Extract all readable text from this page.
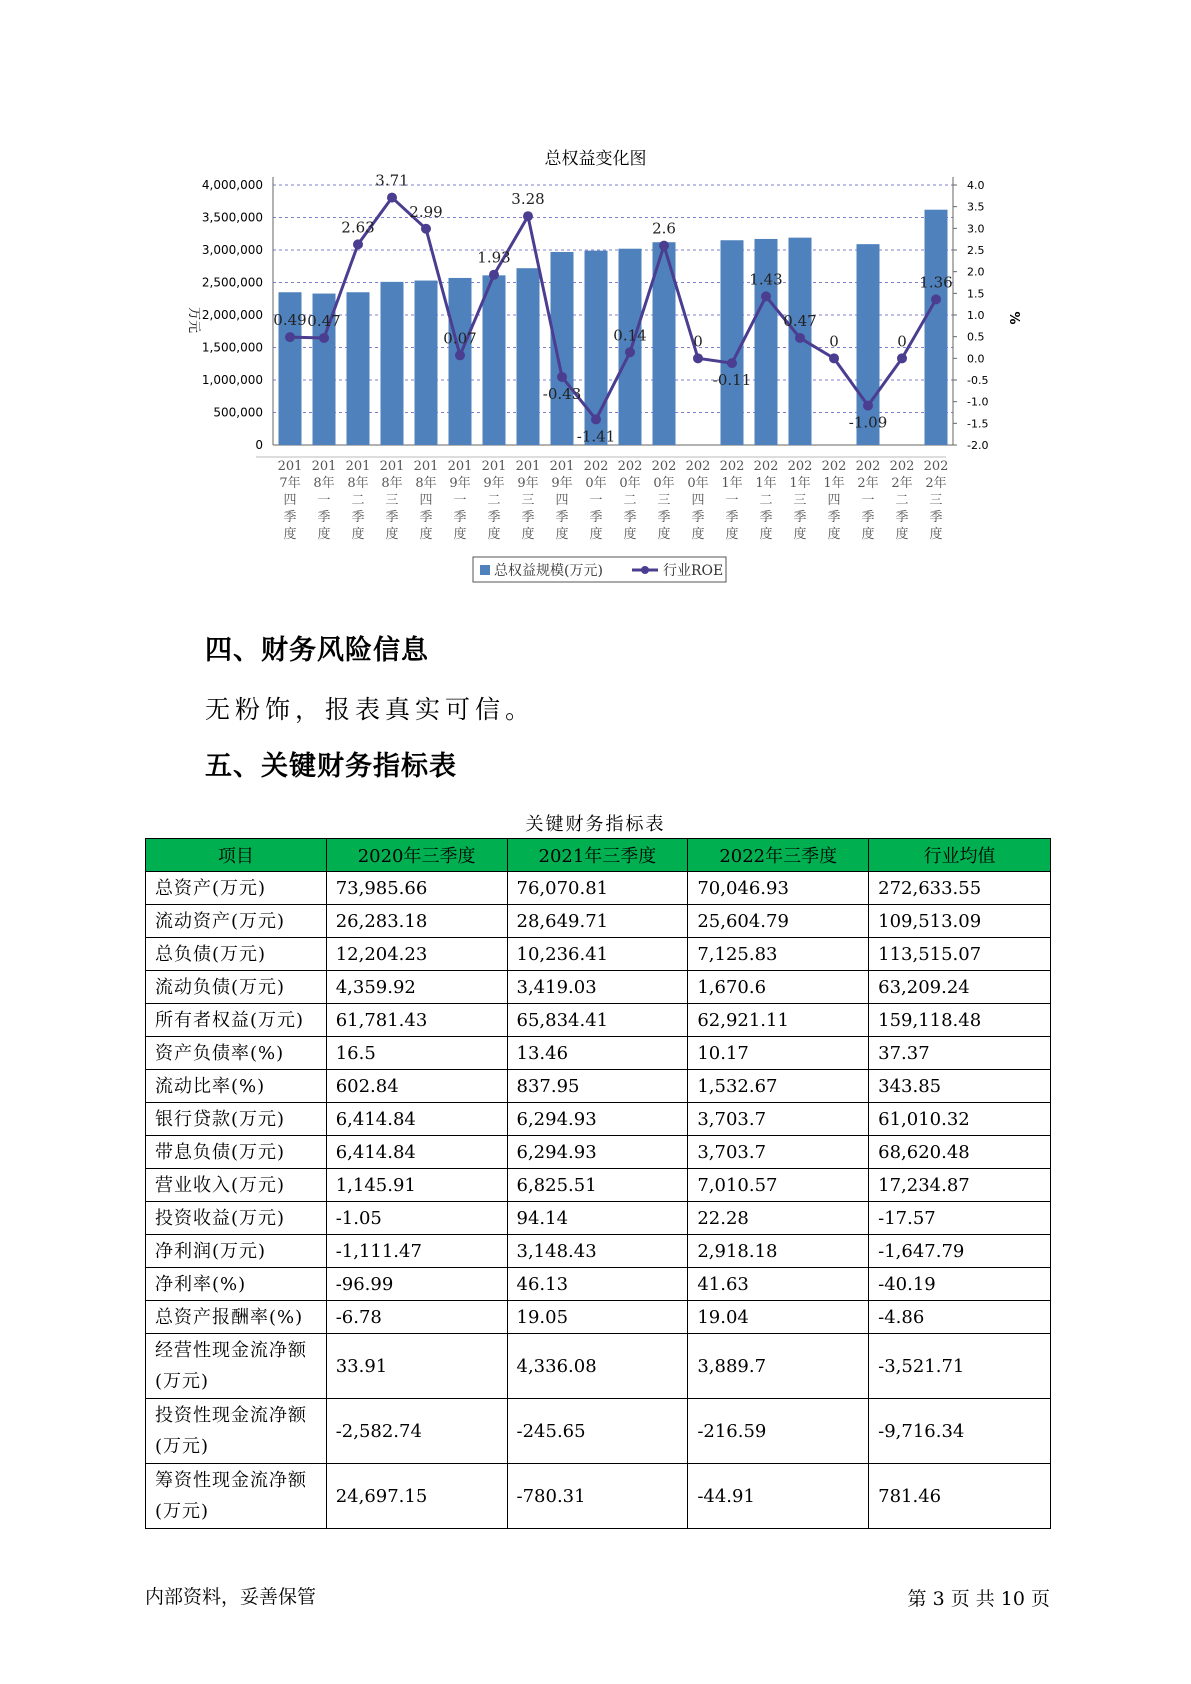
总权益变化图
0
500,000
1,000,000
1,500,000
2,000,000
2,500,000
3,000,000
3,500,000
4,000,000
-2.0
-1.5
-1.0
-0.5
0.0
0.5
1.0
1.5
2.0
2.5
3.0
3.5
4.0
万元	%
201
7年
四
季
度
201
8年
一
季
度
201
8年
二
季
度
201
8年
三
季
度
201
8年
四
季
度
201
9年
一
季
度
201
9年
二
季
度
201
9年
三
季
度
201
9年
四
季
度
202
0年
一
季
度
202
0年
二
季
度
202
0年
三
季
度
202
0年
四
季
度
202
1年
一
季
度
202
1年
二
季
度
202
1年
三
季
度
202
1年
四
季
度
202
2年
一
季
度
202
2年
二
季
度
202
2年
三
季
度
0.49 0.47
2.63
3.71
2.99
0.07
1.93
3.28
-0.43
-1.41
0.14
2.6
0
-0.11
1.43
0.47
0
-1.09
0
1.36
总权益规模(万元)	行业ROE
四、财务风险信息
无粉饰，报表真实可信。
五、关键财务指标表
关键财务指标表
项目	2020年三季度	2021年三季度	2022年三季度	行业均值

总资产(万元)	73,985.66	76,070.81	70,046.93	272,633.55

流动资产(万元)	26,283.18	28,649.71	25,604.79	109,513.09

总负债(万元)	12,204.23	10,236.41	7,125.83	113,515.07

流动负债(万元)	4,359.92	3,419.03	1,670.6	63,209.24

所有者权益(万元)	61,781.43	65,834.41	62,921.11	159,118.48

资产负债率(%)	16.5	13.46	10.17	37.37

流动比率(%)	602.84	837.95	1,532.67	343.85

银行贷款(万元)	6,414.84	6,294.93	3,703.7	61,010.32

带息负债(万元)	6,414.84	6,294.93	3,703.7	68,620.48

营业收入(万元)	1,145.91	6,825.51	7,010.57	17,234.87

投资收益(万元)	-1.05	94.14	22.28	-17.57

净利润(万元)	-1,111.47	3,148.43	2,918.18	-1,647.79

净利率(%)	-96.99	46.13	41.63	-40.19

总资产报酬率(%)	-6.78	19.05	19.04	-4.86

经营性现金流净额
(万元)	33.91	4,336.08	3,889.7	-3,521.71

投资性现金流净额
(万元)	-2,582.74	-245.65	-216.59	-9,716.34

筹资性现金流净额
(万元)	24,697.15	-780.31	-44.91	781.46
内部资料，妥善保管	第 3 页 共 10 页
